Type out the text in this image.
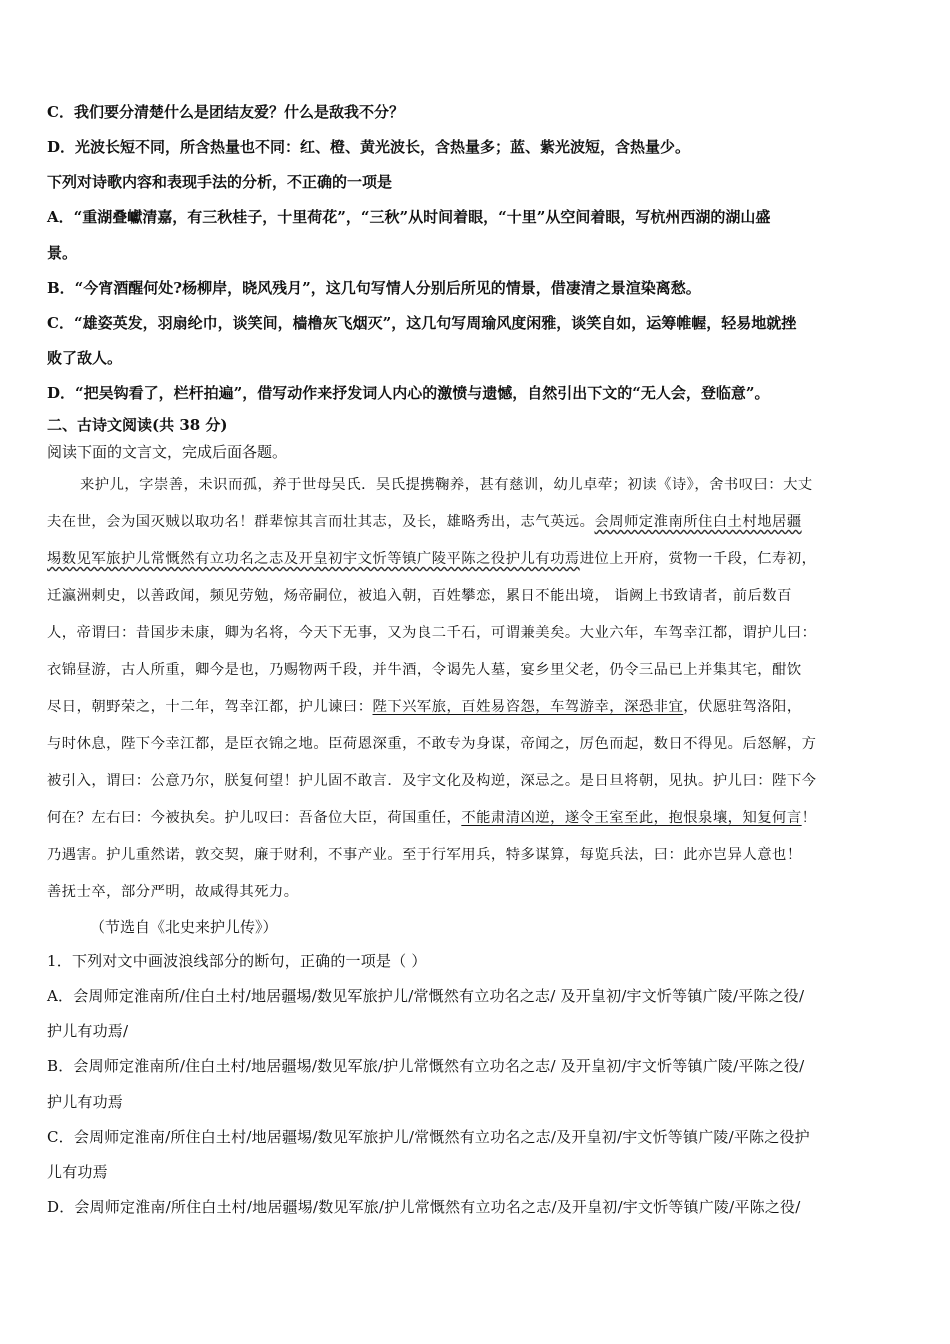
C．我们要分清楚什么是团结友爱？什么是敌我不分？
D．光波长短不同，所含热量也不同：红、橙、黄光波长，含热量多；蓝、紫光波短，含热量少。
下列对诗歌内容和表现手法的分析，不正确的一项是
A．“重湖叠巘清嘉，有三秋桂子，十里荷花”，“三秋”从时间着眼，“十里”从空间着眼，写杭州西湖的湖山盛
景。
B．“今宵酒醒何处?杨柳岸，晓风残月”，这几句写情人分别后所见的情景，借凄清之景渲染离愁。
C．“雄姿英发，羽扇纶巾，谈笑间，樯橹灰飞烟灭”，这几句写周瑜风度闲雅，谈笑自如，运筹帷幄，轻易地就挫
败了敌人。
D．“把吴钩看了，栏杆拍遍”，借写动作来抒发词人内心的激愤与遗憾，自然引出下文的“无人会，登临意”。
二、古诗文阅读(共 38 分)
阅读下面的文言文，完成后面各题。
来护儿，字崇善，未识而孤，养于世母吴氏．吴氏提携鞠养，甚有慈训，幼儿卓荦；初读《诗》，舍书叹曰：大丈
夫在世，会为国灭贼以取功名！群辈惊其言而壮其志，及长，雄略秀出，志气英远。会周师定淮南所住白土村地居疆
埸数见军旅护儿常慨然有立功名之志及开皇初宇文忻等镇广陵平陈之役护儿有功焉进位上开府，赏物一千段，仁寿初，
迁瀛洲刺史，以善政闻，频见劳勉，炀帝嗣位，被追入朝，百姓攀恋，累日不能出境， 诣阙上书致请者，前后数百
人，帝谓曰：昔国步未康，卿为名将，今天下无事，又为良二千石，可谓兼美矣。大业六年，车驾幸江都，谓护儿曰：
衣锦昼游，古人所重，卿今是也，乃赐物两千段，并牛酒，令谒先人墓，宴乡里父老，仍令三品已上并集其宅，酣饮
尽日，朝野荣之，十二年，驾幸江都，护儿谏曰：陛下兴军旅，百姓易咨怨，车驾游幸，深恐非宜，伏愿驻驾洛阳，
与时休息，陛下今幸江都，是臣衣锦之地。臣荷恩深重，不敢专为身谋，帝闻之，厉色而起，数日不得见。后怒解，方
被引入，谓曰：公意乃尔，朕复何望！护儿固不敢言．及宇文化及构逆，深忌之。是日旦将朝，见执。护儿曰：陛下今
何在？左右曰：今被执矣。护儿叹曰：吾备位大臣，荷国重任，不能肃清凶逆，遂令王室至此，抱恨泉壤，知复何言！
乃遇害。护儿重然诺，敦交契，廉于财利，不事产业。至于行军用兵，特多谋算，每览兵法，曰：此亦岂异人意也！
善抚士卒，部分严明，故咸得其死力。
（节选自《北史来护儿传》）
1．下列对文中画波浪线部分的断句，正确的一项是（ ）
A．会周师定淮南所/住白土村/地居疆埸/数见军旅护儿/常慨然有立功名之志/ 及开皇初/宇文忻等镇广陵/平陈之役/
护儿有功焉/
B．会周师定淮南所/住白土村/地居疆埸/数见军旅/护儿常慨然有立功名之志/ 及开皇初/宇文忻等镇广陵/平陈之役/
护儿有功焉
C．会周师定淮南/所住白土村/地居疆埸/数见军旅护儿/常慨然有立功名之志/及开皇初/宇文忻等镇广陵/平陈之役护
儿有功焉
D．会周师定淮南/所住白土村/地居疆埸/数见军旅/护儿常慨然有立功名之志/及开皇初/宇文忻等镇广陵/平陈之役/
